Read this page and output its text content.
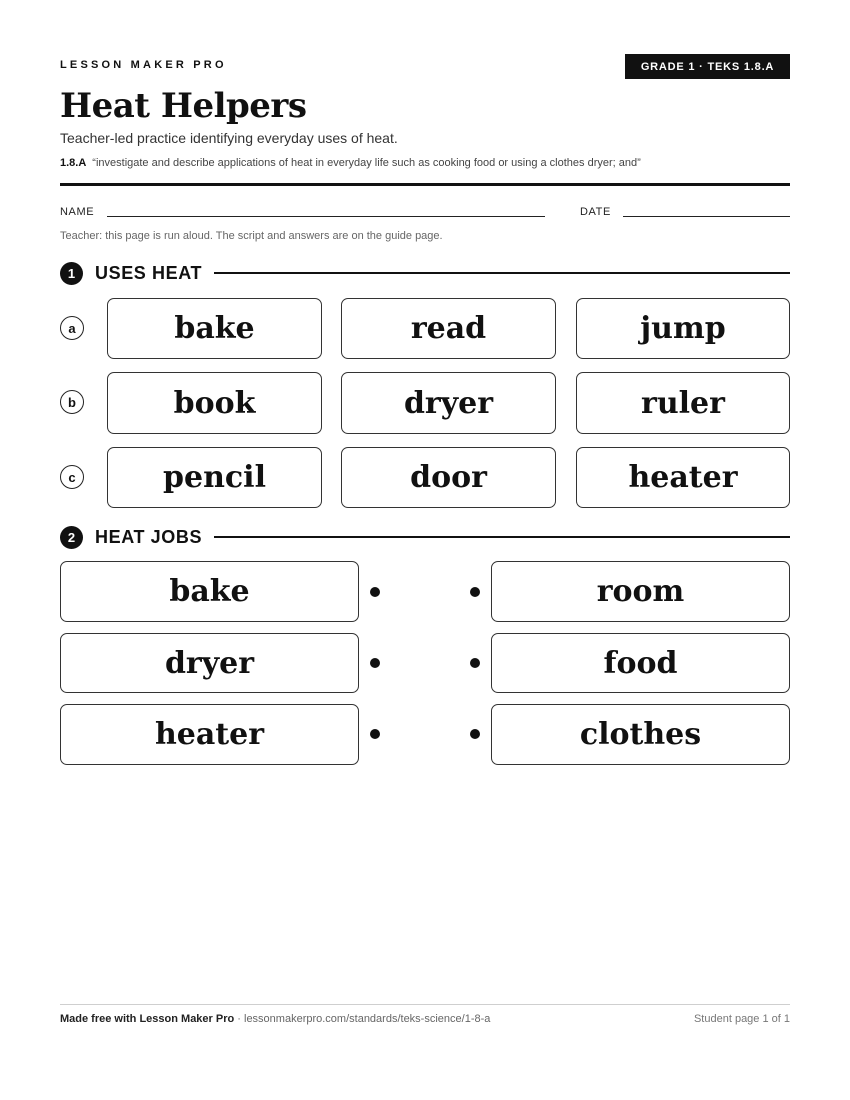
LESSON MAKER PRO	GRADE 1 · TEKS 1.8.A
Heat Helpers
Teacher-led practice identifying everyday uses of heat.
1.8.A “investigate and describe applications of heat in everyday life such as cooking food or using a clothes dryer; and”
NAME	DATE
Teacher: this page is run aloud. The script and answers are on the guide page.
1	USES HEAT
a	bake	read	jump
b	book	dryer	ruler
c	pencil	door	heater
2	HEAT JOBS
bake	room
dryer	food
heater	clothes
Made free with Lesson Maker Pro · lessonmakerpro.com/standards/teks-science/1-8-a	Student page 1 of 1
